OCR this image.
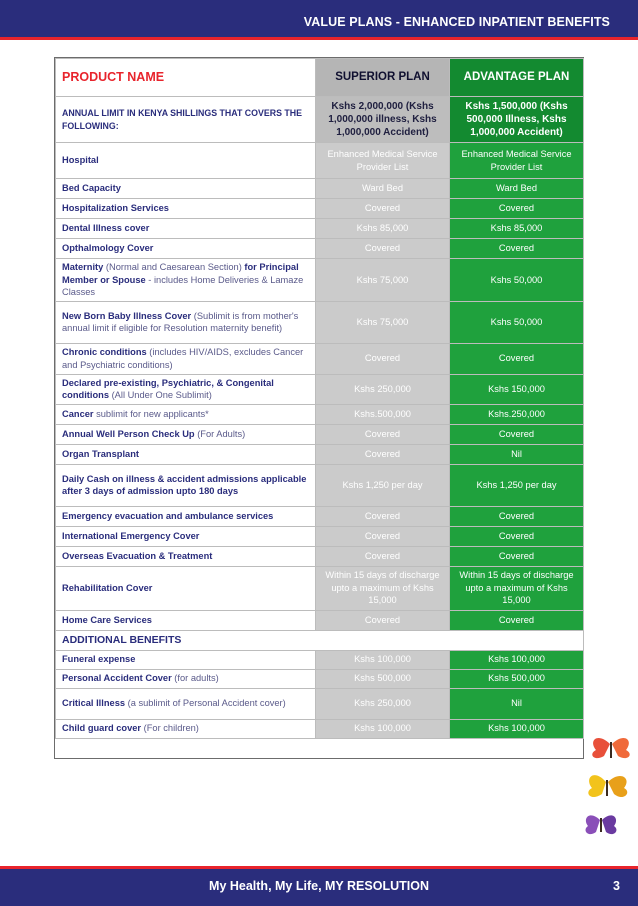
VALUE PLANS - ENHANCED INPATIENT BENEFITS
PRODUCT NAME	SUPERIOR PLAN	ADVANTAGE PLAN
ANNUAL LIMIT IN KENYA SHILLINGS THAT COVERS THE FOLLOWING:	Kshs 2,000,000 (Kshs 1,000,000 illness, Kshs 1,000,000 Accident)	Kshs 1,500,000 (Kshs 500,000 Illness, Kshs 1,000,000 Accident)
Hospital	Enhanced Medical Service Provider List	Enhanced Medical Service Provider List
Bed Capacity	Ward Bed	Ward Bed
Hospitalization Services	Covered	Covered
Dental Illness cover	Kshs 85,000	Kshs 85,000
Opthalmology Cover	Covered	Covered
Maternity (Normal and Caesarean Section) for Principal Member or Spouse - includes Home Deliveries & Lamaze Classes	Kshs 75,000	Kshs 50,000
New Born Baby Illness Cover (Sublimit is from mother's annual limit if eligible for Resolution maternity benefit)	Kshs 75,000	Kshs 50,000
Chronic conditions (includes HIV/AIDS, excludes Cancer and Psychiatric conditions)	Covered	Covered
Declared pre-existing, Psychiatric, & Congenital conditions (All Under One Sublimit)	Kshs 250,000	Kshs 150,000
Cancer sublimit for new applicants*	Kshs.500,000	Kshs.250,000
Annual Well Person Check Up (For Adults)	Covered	Covered
Organ Transplant	Covered	Nil
Daily Cash on illness & accident admissions applicable after 3 days of admission upto 180 days	Kshs 1,250 per day	Kshs 1,250 per day
Emergency evacuation and ambulance services	Covered	Covered
International Emergency Cover	Covered	Covered
Overseas Evacuation & Treatment	Covered	Covered
Rehabilitation Cover	Within 15 days of discharge upto a maximum of Kshs 15,000	Within 15 days of discharge upto a maximum of Kshs 15,000
Home Care Services	Covered	Covered
ADDITIONAL BENEFITS		
Funeral expense	Kshs 100,000	Kshs 100,000
Personal Accident Cover (for adults)	Kshs 500,000	Kshs 500,000
Critical Illness (a sublimit of Personal Accident cover)	Kshs 250,000	Nil
Child guard cover (For children)	Kshs 100,000	Kshs 100,000
My Health, My Life, MY RESOLUTION	3
